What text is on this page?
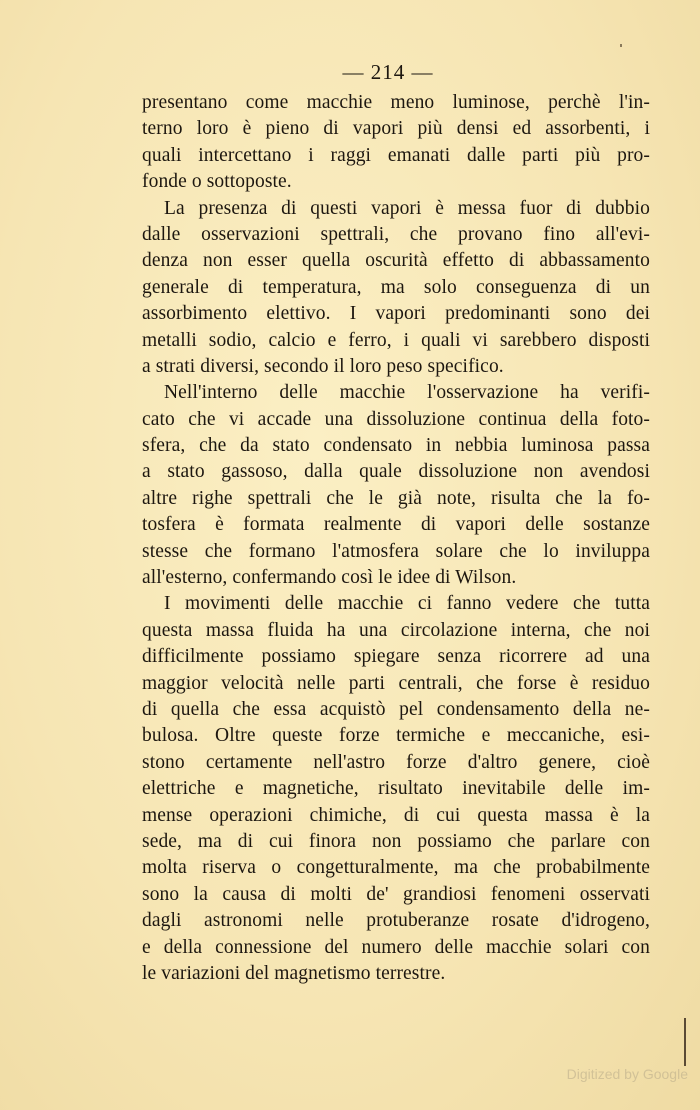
— 214 —
presentano come macchie meno luminose, perchè l'in-
terno loro è pieno di vapori più densi ed assorbenti, i
quali intercettano i raggi emanati dalle parti più pro-
fonde o sottoposte.
La presenza di questi vapori è messa fuor di dubbio
dalle osservazioni spettrali, che provano fino all'evi-
denza non esser quella oscurità effetto di abbassamento
generale di temperatura, ma solo conseguenza di un
assorbimento elettivo. I vapori predominanti sono dei
metalli sodio, calcio e ferro, i quali vi sarebbero disposti
a strati diversi, secondo il loro peso specifico.
Nell'interno delle macchie l'osservazione ha verifi-
cato che vi accade una dissoluzione continua della foto-
sfera, che da stato condensato in nebbia luminosa passa
a stato gassoso, dalla quale dissoluzione non avendosi
altre righe spettrali che le già note, risulta che la fo-
tosfera è formata realmente di vapori delle sostanze
stesse che formano l'atmosfera solare che lo inviluppa
all'esterno, confermando così le idee di Wilson.
I movimenti delle macchie ci fanno vedere che tutta
questa massa fluida ha una circolazione interna, che noi
difficilmente possiamo spiegare senza ricorrere ad una
maggior velocità nelle parti centrali, che forse è residuo
di quella che essa acquistò pel condensamento della ne-
bulosa. Oltre queste forze termiche e meccaniche, esi-
stono certamente nell'astro forze d'altro genere, cioè
elettriche e magnetiche, risultato inevitabile delle im-
mense operazioni chimiche, di cui questa massa è la
sede, ma di cui finora non possiamo che parlare con
molta riserva o congetturalmente, ma che probabilmente
sono la causa di molti de' grandiosi fenomeni osservati
dagli astronomi nelle protuberanze rosate d'idrogeno,
e della connessione del numero delle macchie solari con
le variazioni del magnetismo terrestre.
Digitized by Google
